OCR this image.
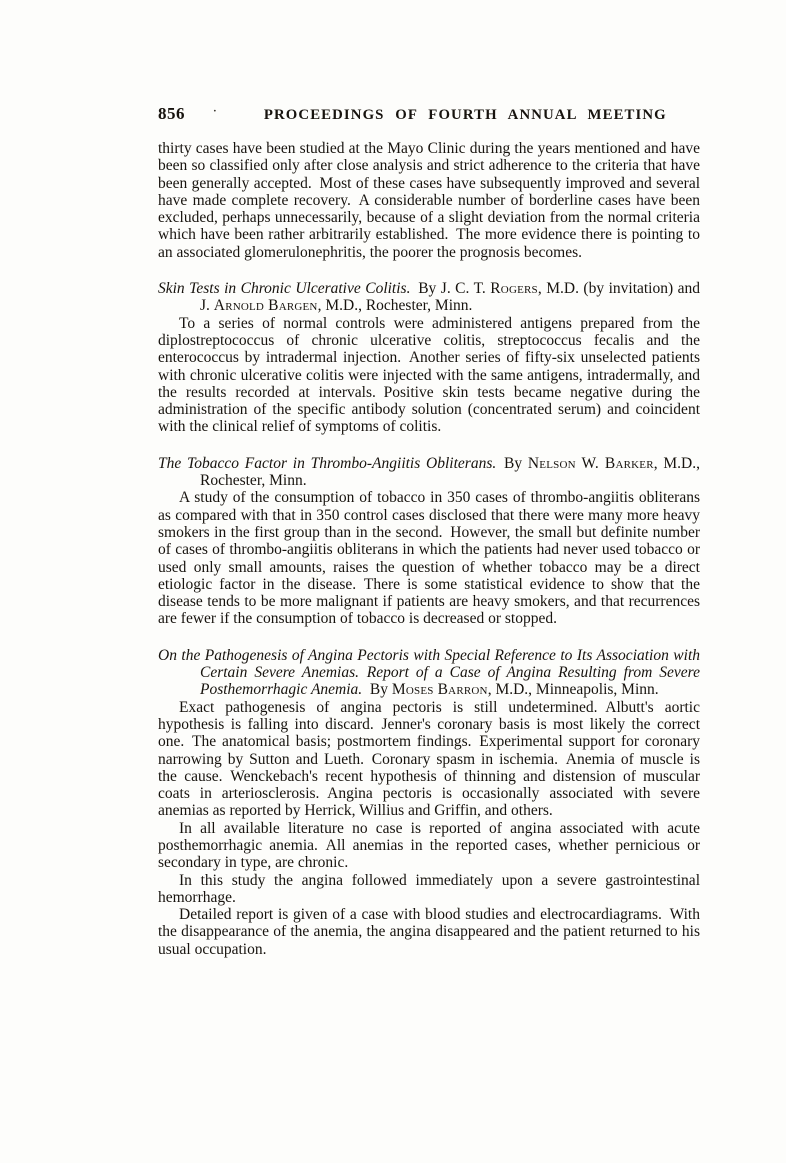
856	·	PROCEEDINGS OF FOURTH ANNUAL MEETING

thirty cases have been studied at the Mayo Clinic during the years mentioned and have been so classified only after close analysis and strict adherence to the criteria that have been generally accepted. Most of these cases have subsequently improved and several have made complete recovery. A considerable number of borderline cases have been excluded, perhaps unnecessarily, because of a slight deviation from the normal criteria which have been rather arbitrarily established. The more evidence there is pointing to an associated glomerulonephritis, the poorer the prognosis becomes.

Skin Tests in Chronic Ulcerative Colitis. By J. C. T. Rogers, M.D. (by invitation) and J. Arnold Bargen, M.D., Rochester, Minn.

To a series of normal controls were administered antigens prepared from the diplostreptococcus of chronic ulcerative colitis, streptococcus fecalis and the enterococcus by intradermal injection. Another series of fifty-six unselected patients with chronic ulcerative colitis were injected with the same antigens, intradermally, and the results recorded at intervals. Positive skin tests became negative during the administration of the specific antibody solution (concentrated serum) and coincident with the clinical relief of symptoms of colitis.

The Tobacco Factor in Thrombo-Angiitis Obliterans. By Nelson W. Barker, M.D., Rochester, Minn.

A study of the consumption of tobacco in 350 cases of thrombo-angiitis obliterans as compared with that in 350 control cases disclosed that there were many more heavy smokers in the first group than in the second. However, the small but definite number of cases of thrombo-angiitis obliterans in which the patients had never used tobacco or used only small amounts, raises the question of whether tobacco may be a direct etiologic factor in the disease. There is some statistical evidence to show that the disease tends to be more malignant if patients are heavy smokers, and that recurrences are fewer if the consumption of tobacco is decreased or stopped.

On the Pathogenesis of Angina Pectoris with Special Reference to Its Association with Certain Severe Anemias. Report of a Case of Angina Resulting from Severe Posthemorrhagic Anemia. By Moses Barron, M.D., Minneapolis, Minn.

Exact pathogenesis of angina pectoris is still undetermined. Albutt's aortic hypothesis is falling into discard. Jenner's coronary basis is most likely the correct one. The anatomical basis; postmortem findings. Experimental support for coronary narrowing by Sutton and Lueth. Coronary spasm in ischemia. Anemia of muscle is the cause. Wenckebach's recent hypothesis of thinning and distension of muscular coats in arteriosclerosis. Angina pectoris is occasionally associated with severe anemias as reported by Herrick, Willius and Griffin, and others.

In all available literature no case is reported of angina associated with acute posthemorrhagic anemia. All anemias in the reported cases, whether pernicious or secondary in type, are chronic.

In this study the angina followed immediately upon a severe gastrointestinal hemorrhage.

Detailed report is given of a case with blood studies and electrocardiagrams. With the disappearance of the anemia, the angina disappeared and the patient returned to his usual occupation.
